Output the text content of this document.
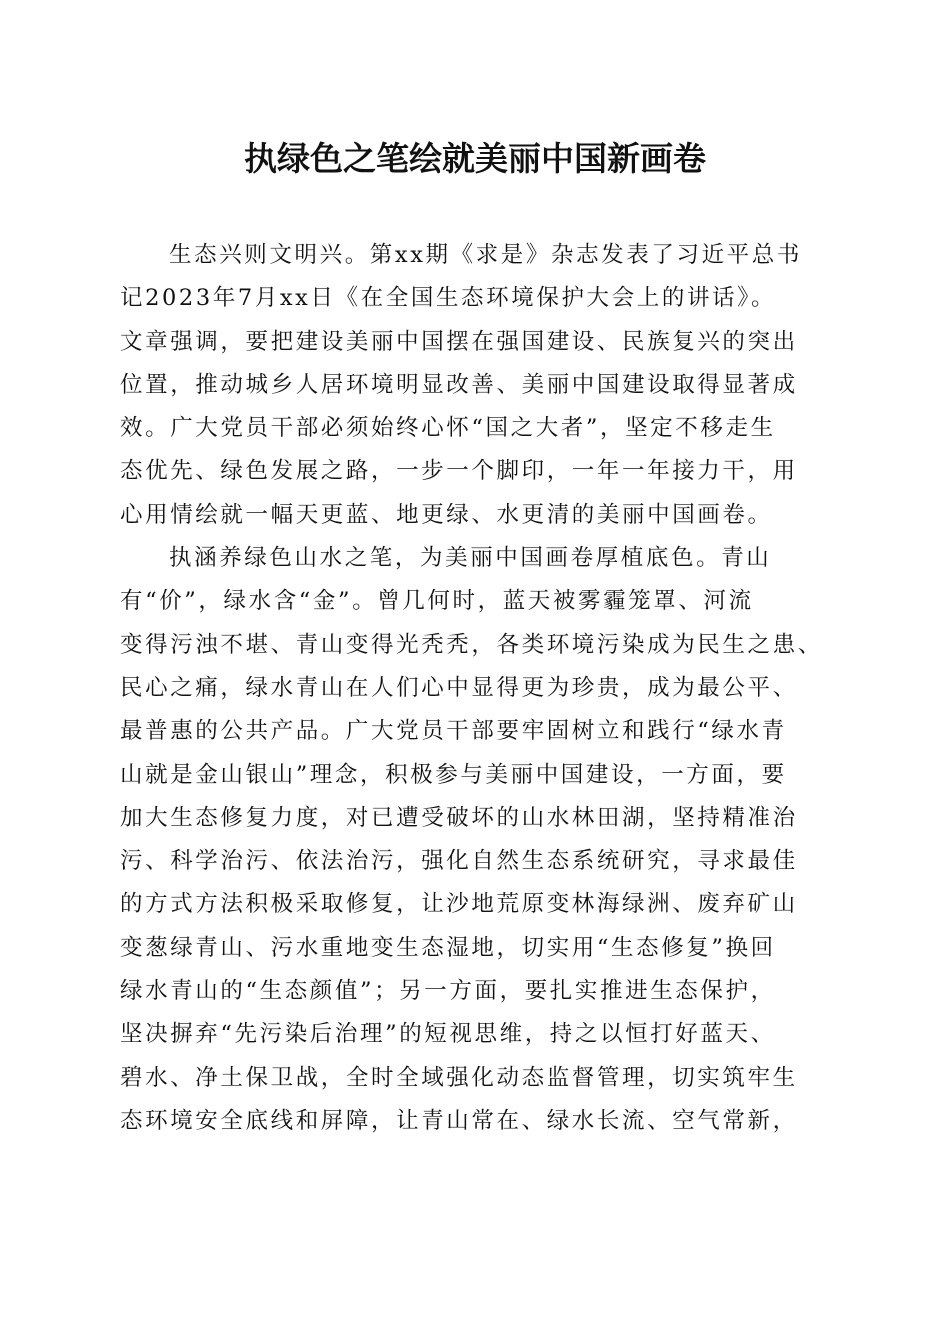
执绿色之笔绘就美丽中国新画卷
生态兴则文明兴。第xx期《求是》杂志发表了习近平总书
记2023年7月xx日《在全国生态环境保护大会上的讲话》。
文章强调，要把建设美丽中国摆在强国建设、民族复兴的突出
位置，推动城乡人居环境明显改善、美丽中国建设取得显著成
效。广大党员干部必须始终心怀“国之大者”，坚定不移走生
态优先、绿色发展之路，一步一个脚印，一年一年接力干，用
心用情绘就一幅天更蓝、地更绿、水更清的美丽中国画卷。
执涵养绿色山水之笔，为美丽中国画卷厚植底色。青山
有“价”，绿水含“金”。曾几何时，蓝天被雾霾笼罩、河流
变得污浊不堪、青山变得光秃秃，各类环境污染成为民生之患、
民心之痛，绿水青山在人们心中显得更为珍贵，成为最公平、
最普惠的公共产品。广大党员干部要牢固树立和践行“绿水青
山就是金山银山”理念，积极参与美丽中国建设，一方面，要
加大生态修复力度，对已遭受破坏的山水林田湖，坚持精准治
污、科学治污、依法治污，强化自然生态系统研究，寻求最佳
的方式方法积极采取修复，让沙地荒原变林海绿洲、废弃矿山
变葱绿青山、污水重地变生态湿地，切实用“生态修复”换回
绿水青山的“生态颜值”；另一方面，要扎实推进生态保护，
坚决摒弃“先污染后治理”的短视思维，持之以恒打好蓝天、
碧水、净土保卫战，全时全域强化动态监督管理，切实筑牢生
态环境安全底线和屏障，让青山常在、绿水长流、空气常新，
